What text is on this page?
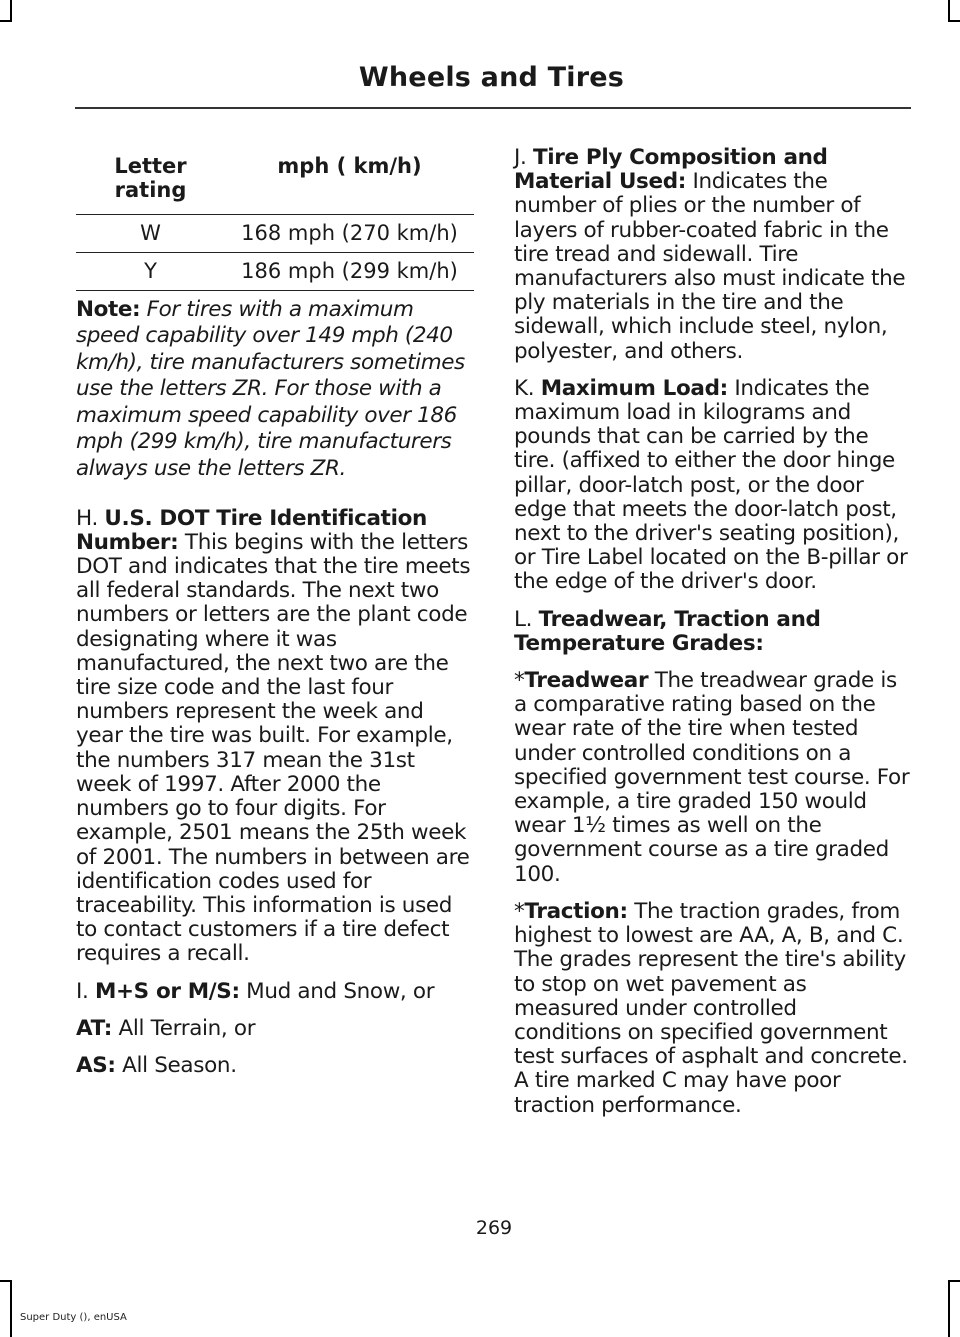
Wheels and Tires
Letter rating	mph ( km/h)
W	168 mph (270 km/h)
Y	186 mph (299 km/h)

Note: For tires with a maximum speed capability over 149 mph (240 km/h), tire manufacturers sometimes use the letters ZR. For those with a maximum speed capability over 186 mph (299 km/h), tire manufacturers always use the letters ZR.

H. U.S. DOT Tire Identification Number: This begins with the letters DOT and indicates that the tire meets all federal standards. The next two numbers or letters are the plant code designating where it was manufactured, the next two are the tire size code and the last four numbers represent the week and year the tire was built. For example, the numbers 317 mean the 31st week of 1997. After 2000 the numbers go to four digits. For example, 2501 means the 25th week of 2001. The numbers in between are identification codes used for traceability. This information is used to contact customers if a tire defect requires a recall.

I. M+S or M/S: Mud and Snow, or

AT: All Terrain, or

AS: All Season.

J. Tire Ply Composition and Material Used: Indicates the number of plies or the number of layers of rubber-coated fabric in the tire tread and sidewall. Tire manufacturers also must indicate the ply materials in the tire and the sidewall, which include steel, nylon, polyester, and others.

K. Maximum Load: Indicates the maximum load in kilograms and pounds that can be carried by the tire. (affixed to either the door hinge pillar, door-latch post, or the door edge that meets the door-latch post, next to the driver's seating position), or Tire Label located on the B-pillar or the edge of the driver's door.

L. Treadwear, Traction and Temperature Grades:

*Treadwear The treadwear grade is a comparative rating based on the wear rate of the tire when tested under controlled conditions on a specified government test course. For example, a tire graded 150 would wear 1½ times as well on the government course as a tire graded 100.

*Traction: The traction grades, from highest to lowest are AA, A, B, and C. The grades represent the tire's ability to stop on wet pavement as measured under controlled conditions on specified government test surfaces of asphalt and concrete. A tire marked C may have poor traction performance.

269
Super Duty (), enUSA
